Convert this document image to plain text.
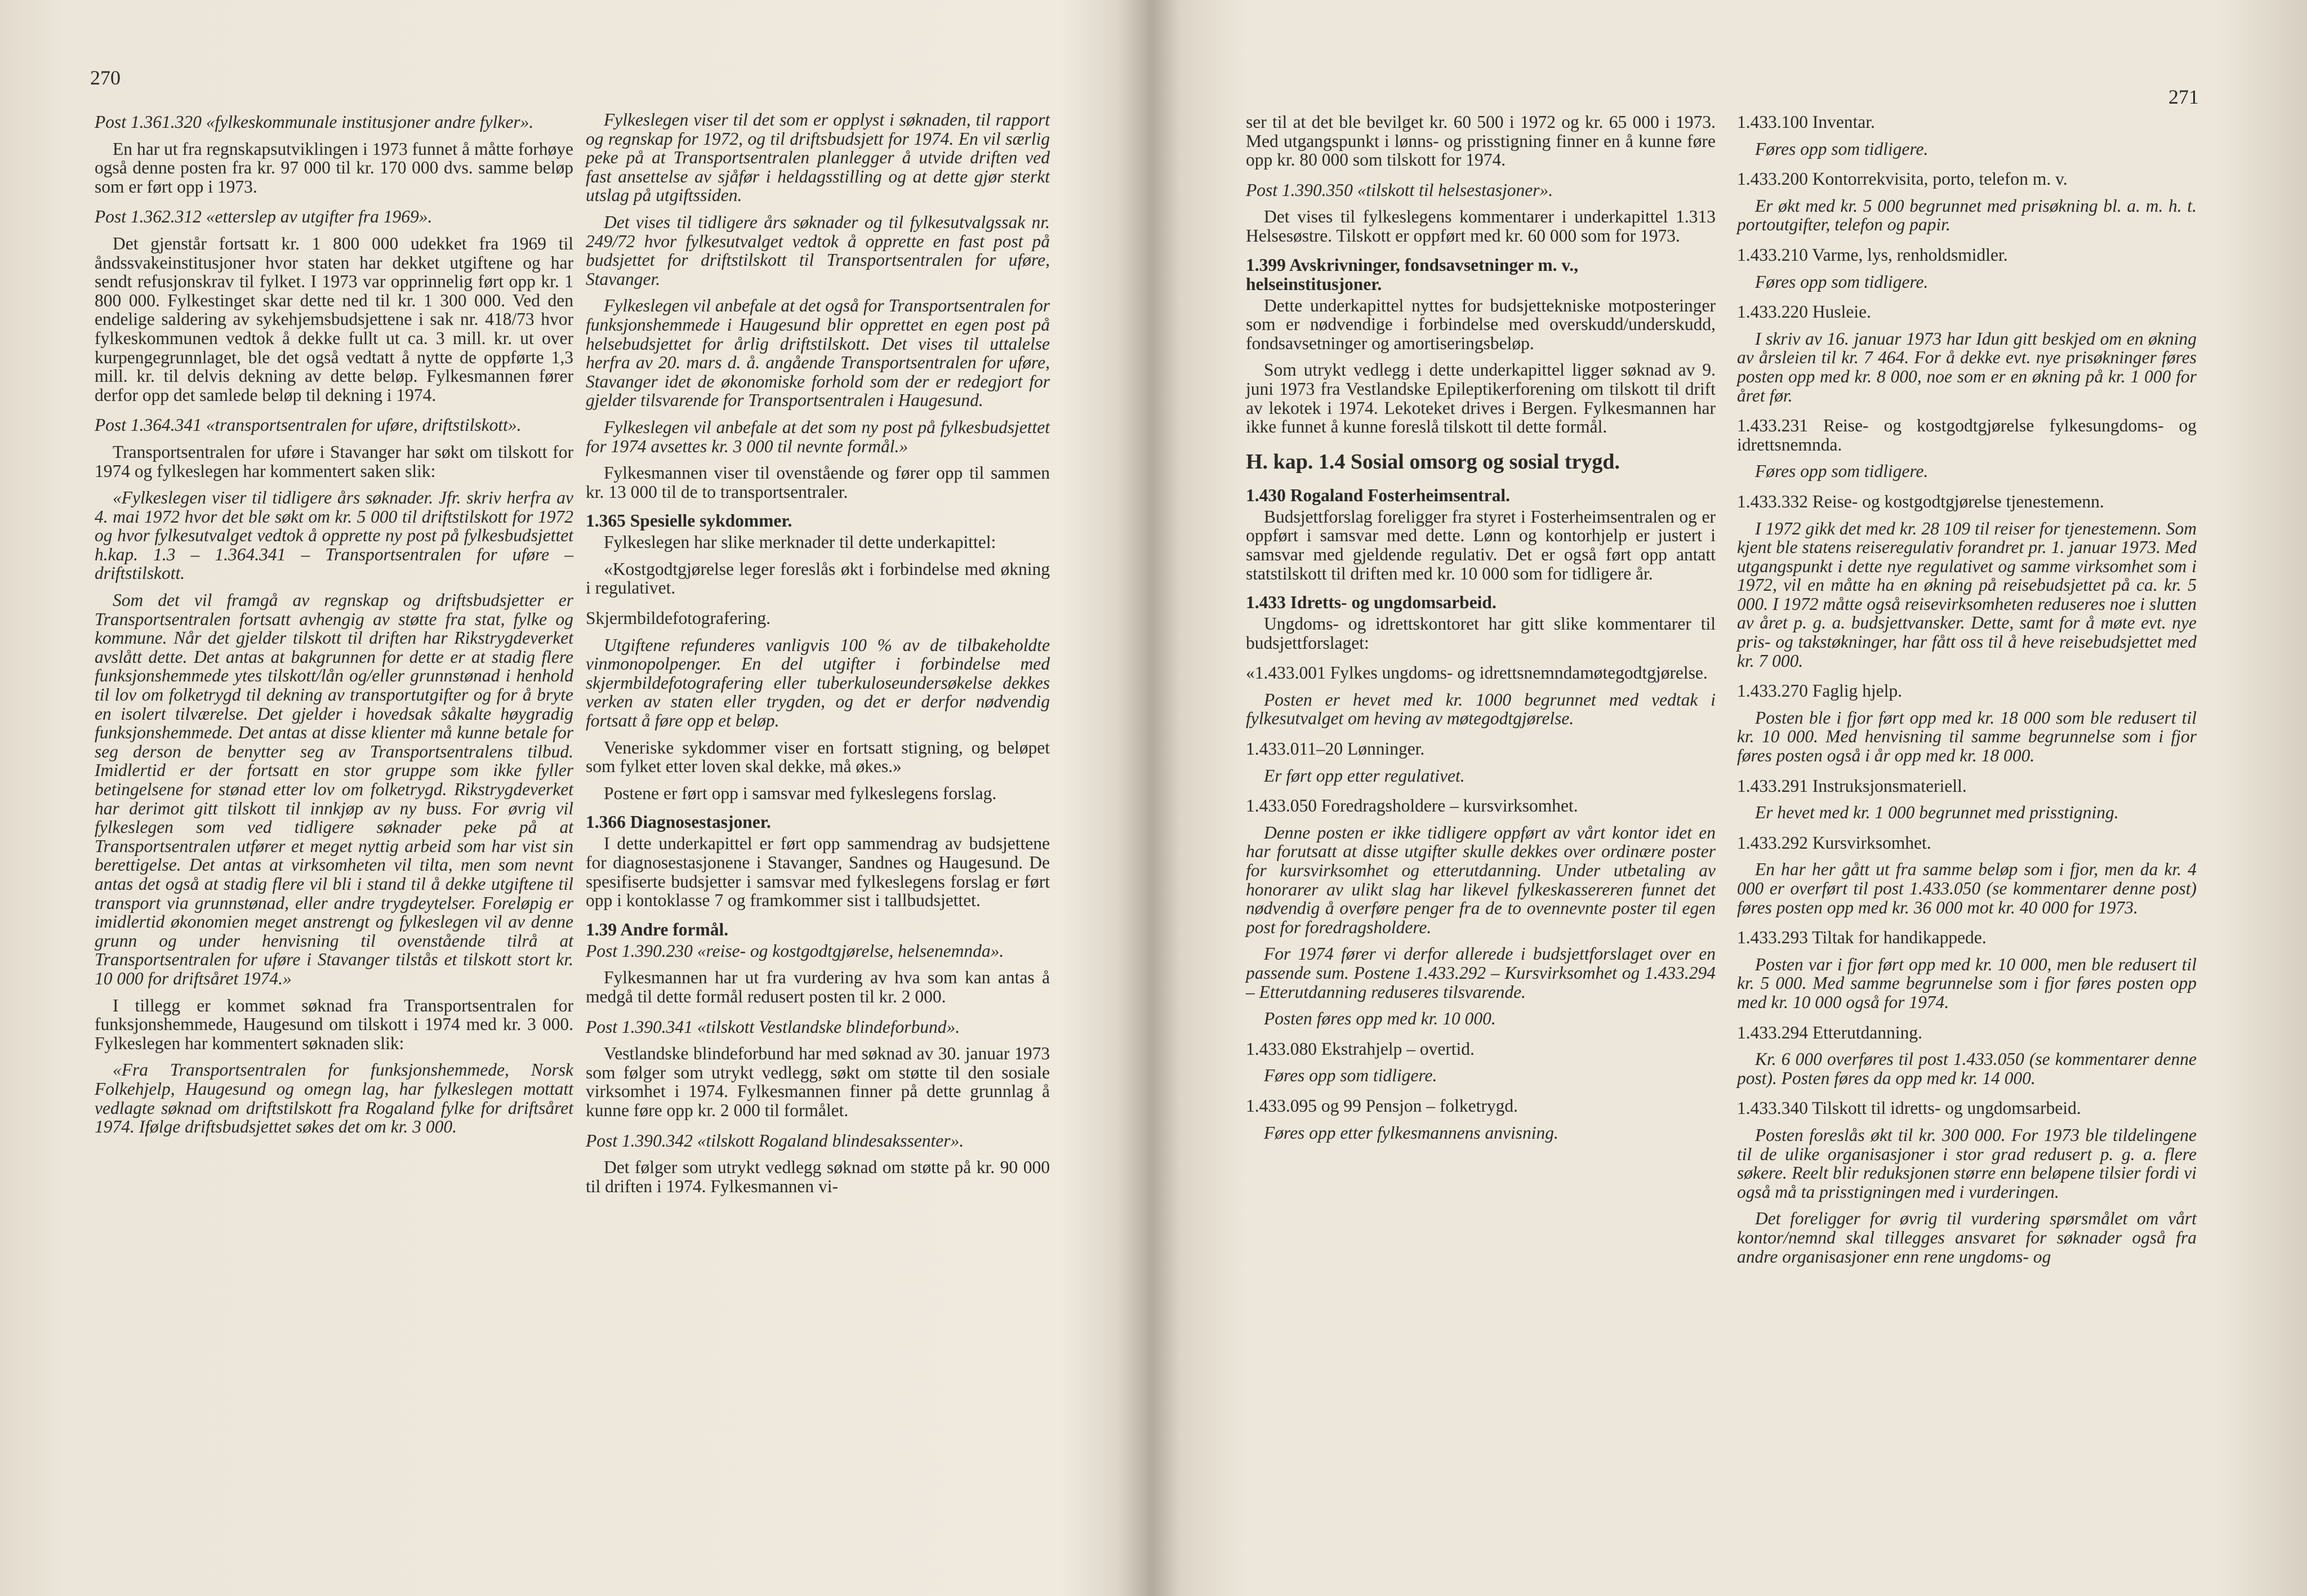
270

271

Post 1.361.320 «fylkeskommunale institusjoner andre fylker».

En har ut fra regnskapsutviklingen i 1973 funnet å måtte forhøye også denne posten fra kr. 97 000 til kr. 170 000 dvs. samme beløp som er ført opp i 1973.

Post 1.362.312 «etterslep av utgifter fra 1969».

Det gjenstår fortsatt kr. 1 800 000 udekket fra 1969 til åndssvakeinstitusjoner hvor staten har dekket utgiftene og har sendt refusjonskrav til fylket. I 1973 var opprinnelig ført opp kr. 1 800 000. Fylkestinget skar dette ned til kr. 1 300 000. Ved den endelige saldering av sykehjemsbudsjettene i sak nr. 418/73 hvor fylkeskommunen vedtok å dekke fullt ut ca. 3 mill. kr. ut over kurpengegrunnlaget, ble det også vedtatt å nytte de oppførte 1,3 mill. kr. til delvis dekning av dette beløp. Fylkesmannen fører derfor opp det samlede beløp til dekning i 1974.

Post 1.364.341 «transportsentralen for uføre, driftstilskott».

Transportsentralen for uføre i Stavanger har søkt om tilskott for 1974 og fylkeslegen har kommentert saken slik:

«Fylkeslegen viser til tidligere års søknader. Jfr. skriv herfra av 4. mai 1972 hvor det ble søkt om kr. 5 000 til driftstilskott for 1972 og hvor fylkesutvalget vedtok å opprette ny post på fylkesbudsjettet h.kap. 1.3 – 1.364.341 – Transportsentralen for uføre – driftstilskott.

Som det vil framgå av regnskap og driftsbudsjetter er Transportsentralen fortsatt avhengig av støtte fra stat, fylke og kommune. Når det gjelder tilskott til driften har Rikstrygdeverket avslått dette. Det antas at bakgrunnen for dette er at stadig flere funksjonshemmede ytes tilskott/lån og/eller grunnstønad i henhold til lov om folketrygd til dekning av transportutgifter og for å bryte en isolert tilværelse. Det gjelder i hovedsak såkalte høygradig funksjonshemmede. Det antas at disse klienter må kunne betale for seg derson de benytter seg av Transportsentralens tilbud. Imidlertid er der fortsatt en stor gruppe som ikke fyller betingelsene for stønad etter lov om folketrygd. Rikstrygdeverket har derimot gitt tilskott til innkjøp av ny buss. For øvrig vil fylkeslegen som ved tidligere søknader peke på at Transportsentralen utfører et meget nyttig arbeid som har vist sin berettigelse. Det antas at virksomheten vil tilta, men som nevnt antas det også at stadig flere vil bli i stand til å dekke utgiftene til transport via grunnstønad, eller andre trygdeytelser. Foreløpig er imidlertid økonomien meget anstrengt og fylkeslegen vil av denne grunn og under henvisning til ovenstående tilrå at Transportsentralen for uføre i Stavanger tilstås et tilskott stort kr. 10 000 for driftsåret 1974.»

I tillegg er kommet søknad fra Transportsentralen for funksjonshemmede, Haugesund om tilskott i 1974 med kr. 3 000. Fylkeslegen har kommentert søknaden slik:

«Fra Transportsentralen for funksjonshemmede, Norsk Folkehjelp, Haugesund og omegn lag, har fylkeslegen mottatt vedlagte søknad om driftstilskott fra Rogaland fylke for driftsåret 1974. Ifølge driftsbudsjettet søkes det om kr. 3 000.

Fylkeslegen viser til det som er opplyst i søknaden, til rapport og regnskap for 1972, og til driftsbudsjett for 1974. En vil særlig peke på at Transportsentralen planlegger å utvide driften ved fast ansettelse av sjåfør i heldagsstilling og at dette gjør sterkt utslag på utgiftssiden.

Det vises til tidligere års søknader og til fylkesutvalgssak nr. 249/72 hvor fylkesutvalget vedtok å opprette en fast post på budsjettet for driftstilskott til Transportsentralen for uføre, Stavanger.

Fylkeslegen vil anbefale at det også for Transportsentralen for funksjonshemmede i Haugesund blir opprettet en egen post på helsebudsjettet for årlig driftstilskott. Det vises til uttalelse herfra av 20. mars d. å. angående Transportsentralen for uføre, Stavanger idet de økonomiske forhold som der er redegjort for gjelder tilsvarende for Transportsentralen i Haugesund.

Fylkeslegen vil anbefale at det som ny post på fylkesbudsjettet for 1974 avsettes kr. 3 000 til nevnte formål.»

Fylkesmannen viser til ovenstående og fører opp til sammen kr. 13 000 til de to transportsentraler.

1.365 Spesielle sykdommer.

Fylkeslegen har slike merknader til dette underkapittel:

«Kostgodtgjørelse leger foreslås økt i forbindelse med økning i regulativet.

Skjermbildefotografering.

Utgiftene refunderes vanligvis 100 % av de tilbakeholdte vinmonopolpenger. En del utgifter i forbindelse med skjermbildefotografering eller tuberkuloseundersøkelse dekkes verken av staten eller trygden, og det er derfor nødvendig fortsatt å føre opp et beløp.

Veneriske sykdommer viser en fortsatt stigning, og beløpet som fylket etter loven skal dekke, må økes.»

Postene er ført opp i samsvar med fylkeslegens forslag.

1.366 Diagnosestasjoner.

I dette underkapittel er ført opp sammendrag av budsjettene for diagnosestasjonene i Stavanger, Sandnes og Haugesund. De spesifiserte budsjetter i samsvar med fylkeslegens forslag er ført opp i kontoklasse 7 og framkommer sist i tallbudsjettet.

1.39 Andre formål.

Post 1.390.230 «reise- og kostgodtgjørelse, helsenemnda».

Fylkesmannen har ut fra vurdering av hva som kan antas å medgå til dette formål redusert posten til kr. 2 000.

Post 1.390.341 «tilskott Vestlandske blindeforbund».

Vestlandske blindeforbund har med søknad av 30. januar 1973 som følger som utrykt vedlegg, søkt om støtte til den sosiale virksomhet i 1974. Fylkesmannen finner på dette grunnlag å kunne føre opp kr. 2 000 til formålet.

Post 1.390.342 «tilskott Rogaland blindesakssenter».

Det følger som utrykt vedlegg søknad om støtte på kr. 90 000 til driften i 1974. Fylkesmannen vi-

ser til at det ble bevilget kr. 60 500 i 1972 og kr. 65 000 i 1973. Med utgangspunkt i lønns- og prisstigning finner en å kunne føre opp kr. 80 000 som tilskott for 1974.

Post 1.390.350 «tilskott til helsestasjoner».

Det vises til fylkeslegens kommentarer i underkapittel 1.313 Helsesøstre. Tilskott er oppført med kr. 60 000 som for 1973.

1.399 Avskrivninger, fondsavsetninger m. v., helseinstitusjoner.

Dette underkapittel nyttes for budsjettekniske motposteringer som er nødvendige i forbindelse med overskudd/underskudd, fondsavsetninger og amortiseringsbeløp.

Som utrykt vedlegg i dette underkapittel ligger søknad av 9. juni 1973 fra Vestlandske Epileptikerforening om tilskott til drift av lekotek i 1974. Lekoteket drives i Bergen. Fylkesmannen har ikke funnet å kunne foreslå tilskott til dette formål.

H. kap. 1.4 Sosial omsorg og sosial trygd.
1.430 Rogaland Fosterheimsentral.

Budsjettforslag foreligger fra styret i Fosterheimsentralen og er oppført i samsvar med dette. Lønn og kontorhjelp er justert i samsvar med gjeldende regulativ. Det er også ført opp antatt statstilskott til driften med kr. 10 000 som for tidligere år.

1.433 Idretts- og ungdomsarbeid.

Ungdoms- og idrettskontoret har gitt slike kommentarer til budsjettforslaget:

«1.433.001 Fylkes ungdoms- og idrettsnemndamøtegodtgjørelse.

Posten er hevet med kr. 1000 begrunnet med vedtak i fylkesutvalget om heving av møtegodtgjørelse.

1.433.011–20 Lønninger.

Er ført opp etter regulativet.

1.433.050 Foredragsholdere – kursvirksomhet.

Denne posten er ikke tidligere oppført av vårt kontor idet en har forutsatt at disse utgifter skulle dekkes over ordinære poster for kursvirksomhet og etterutdanning. Under utbetaling av honorarer av ulikt slag har likevel fylkeskassereren funnet det nødvendig å overføre penger fra de to ovennevnte poster til egen post for foredragsholdere.

For 1974 fører vi derfor allerede i budsjettforslaget over en passende sum. Postene 1.433.292 – Kursvirksomhet og 1.433.294 – Etterutdanning reduseres tilsvarende.

Posten føres opp med kr. 10 000.

1.433.080 Ekstrahjelp – overtid.

Føres opp som tidligere.

1.433.095 og 99 Pensjon – folketrygd.

Føres opp etter fylkesmannens anvisning.

1.433.100 Inventar.

Føres opp som tidligere.

1.433.200 Kontorrekvisita, porto, telefon m. v.

Er økt med kr. 5 000 begrunnet med prisøkning bl. a. m. h. t. portoutgifter, telefon og papir.

1.433.210 Varme, lys, renholdsmidler.

Føres opp som tidligere.

1.433.220 Husleie.

I skriv av 16. januar 1973 har Idun gitt beskjed om en økning av årsleien til kr. 7 464. For å dekke evt. nye prisøkninger føres posten opp med kr. 8 000, noe som er en økning på kr. 1 000 for året før.

1.433.231 Reise- og kostgodtgjørelse fylkesungdoms- og idrettsnemnda.

Føres opp som tidligere.

1.433.332 Reise- og kostgodtgjørelse tjenestemenn.

I 1972 gikk det med kr. 28 109 til reiser for tjenestemenn. Som kjent ble statens reiseregulativ forandret pr. 1. januar 1973. Med utgangspunkt i dette nye regulativet og samme virksomhet som i 1972, vil en måtte ha en økning på reisebudsjettet på ca. kr. 5 000. I 1972 måtte også reisevirksomheten reduseres noe i slutten av året p. g. a. budsjettvansker. Dette, samt for å møte evt. nye pris- og takstøkninger, har fått oss til å heve reisebudsjettet med kr. 7 000.

1.433.270 Faglig hjelp.

Posten ble i fjor ført opp med kr. 18 000 som ble redusert til kr. 10 000. Med henvisning til samme begrunnelse som i fjor føres posten også i år opp med kr. 18 000.

1.433.291 Instruksjonsmateriell.

Er hevet med kr. 1 000 begrunnet med prisstigning.

1.433.292 Kursvirksomhet.

En har her gått ut fra samme beløp som i fjor, men da kr. 4 000 er overført til post 1.433.050 (se kommentarer denne post) føres posten opp med kr. 36 000 mot kr. 40 000 for 1973.

1.433.293 Tiltak for handikappede.

Posten var i fjor ført opp med kr. 10 000, men ble redusert til kr. 5 000. Med samme begrunnelse som i fjor føres posten opp med kr. 10 000 også for 1974.

1.433.294 Etterutdanning.

Kr. 6 000 overføres til post 1.433.050 (se kommentarer denne post). Posten føres da opp med kr. 14 000.

1.433.340 Tilskott til idretts- og ungdomsarbeid.

Posten foreslås økt til kr. 300 000. For 1973 ble tildelingene til de ulike organisasjoner i stor grad redusert p. g. a. flere søkere. Reelt blir reduksjonen større enn beløpene tilsier fordi vi også må ta prisstigningen med i vurderingen.

Det foreligger for øvrig til vurdering spørsmålet om vårt kontor/nemnd skal tillegges ansvaret for søknader også fra andre organisasjoner enn rene ungdoms- og
